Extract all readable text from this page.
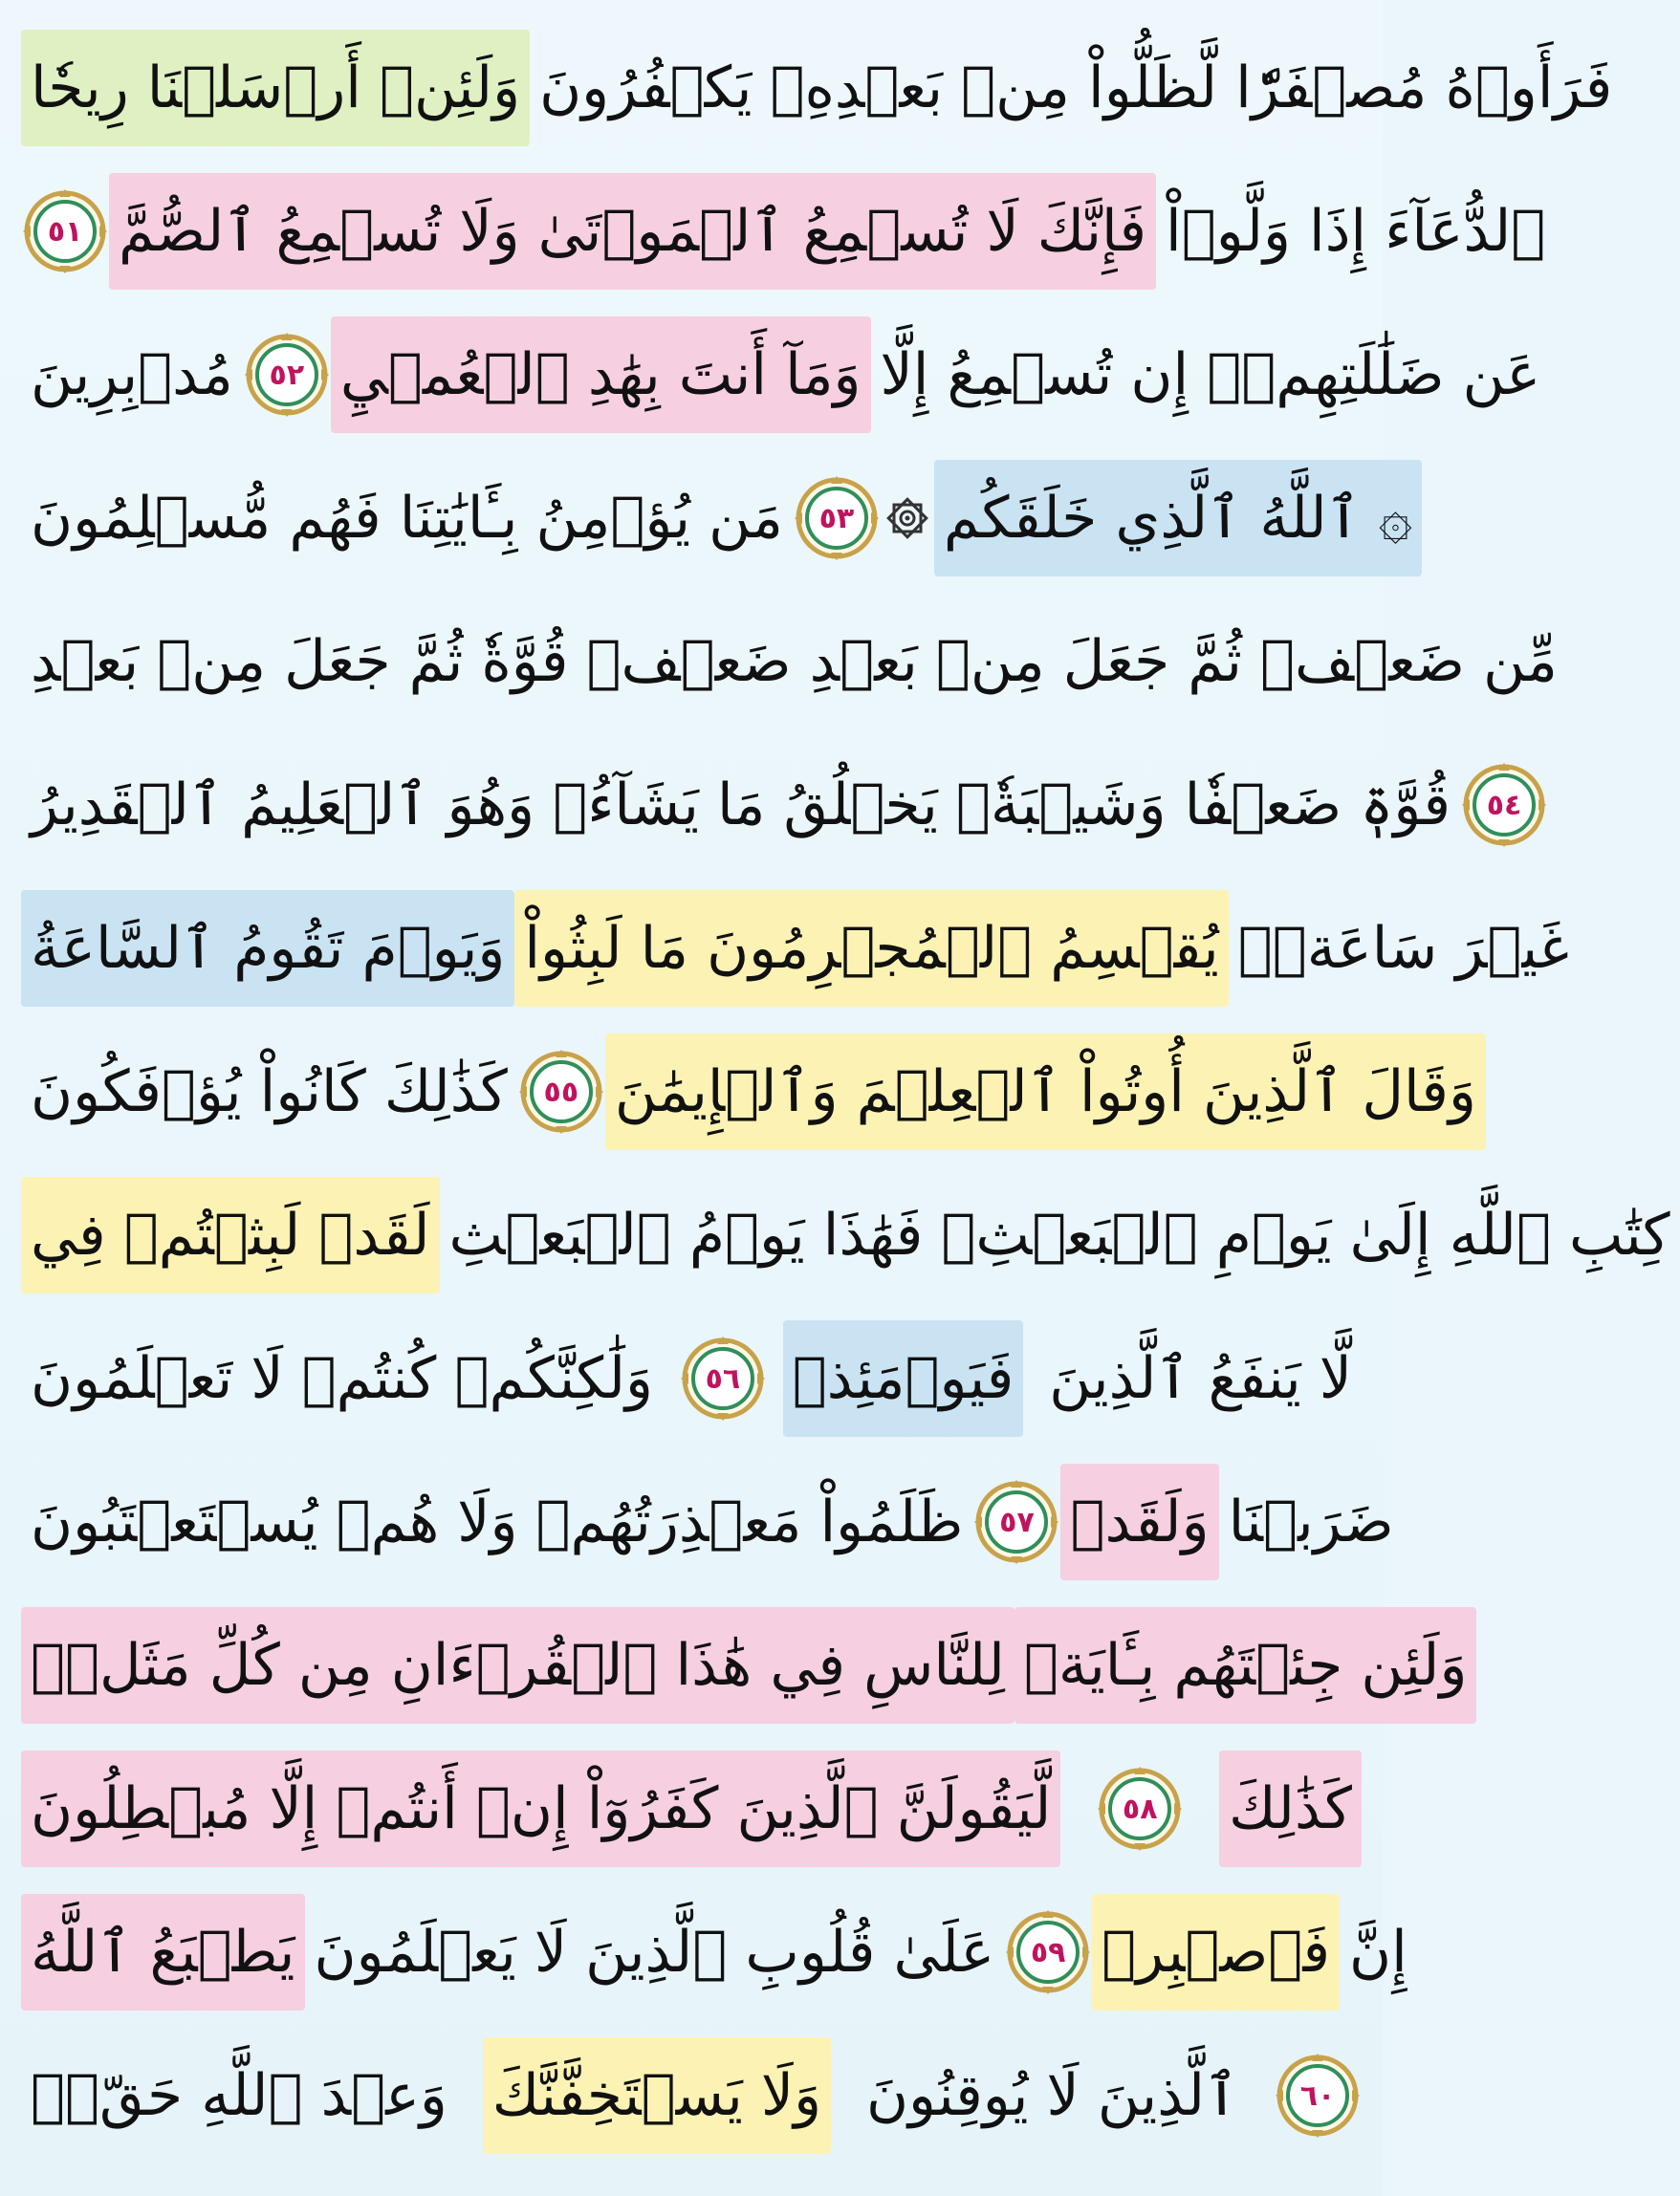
وَلَئِنۡ أَرۡسَلۡنَا رِيحٗا فَرَأَوۡهُ مُصۡفَرّٗا لَّظَلُّواْ مِنۢ بَعۡدِهِۦ يَكۡفُرُونَ
٥١ فَإِنَّكَ لَا تُسۡمِعُ ٱلۡمَوۡتَىٰ وَلَا تُسۡمِعُ ٱلصُّمَّ ٱلدُّعَآءَ إِذَا وَلَّوۡاْ
مُدۡبِرِينَ	٥٢ وَمَآ أَنتَ بِهَٰدِ ٱلۡعُمۡيِ عَن ضَلَٰلَتِهِمۡۖ إِن تُسۡمِعُ إِلَّا
مَن يُؤۡمِنُ بِـَٔايَٰتِنَا فَهُم مُّسۡلِمُونَ	٥٣ ۞ ٱللَّهُ ٱلَّذِي خَلَقَكُم
مِّن ضَعۡفٖ ثُمَّ جَعَلَ مِنۢ بَعۡدِ ضَعۡفٖ قُوَّةٗ ثُمَّ جَعَلَ مِنۢ بَعۡدِ
قُوَّةٖ ضَعۡفٗا وَشَيۡبَةٗۚ يَخۡلُقُ مَا يَشَآءُۚ وَهُوَ ٱلۡعَلِيمُ ٱلۡقَدِيرُ	٥٤
وَيَوۡمَ تَقُومُ ٱلسَّاعَةُ يُقۡسِمُ ٱلۡمُجۡرِمُونَ مَا لَبِثُواْ غَيۡرَ سَاعَةٖۚ
كَذَٰلِكَ كَانُواْ يُؤۡفَكُونَ	٥٥ وَقَالَ ٱلَّذِينَ أُوتُواْ ٱلۡعِلۡمَ وَٱلۡإِيمَٰنَ
لَقَدۡ لَبِثۡتُمۡ فِي كِتَٰبِ ٱللَّهِ إِلَىٰ يَوۡمِ ٱلۡبَعۡثِۖ فَهَٰذَا يَوۡمُ ٱلۡبَعۡثِ
وَلَٰكِنَّكُمۡ كُنتُمۡ لَا تَعۡلَمُونَ	٥٦ فَيَوۡمَئِذٖ لَّا يَنفَعُ ٱلَّذِينَ
ظَلَمُواْ مَعۡذِرَتُهُمۡ وَلَا هُمۡ يُسۡتَعۡتَبُونَ	٥٧ وَلَقَدۡ ضَرَبۡنَا
لِلنَّاسِ فِي هَٰذَا ٱلۡقُرۡءَانِ مِن كُلِّ مَثَلٖۚ وَلَئِن جِئۡتَهُم بِـَٔايَةٖ
لَّيَقُولَنَّ ٱلَّذِينَ كَفَرُوٓاْ إِنۡ أَنتُمۡ إِلَّا مُبۡطِلُونَ	٥٨ كَذَٰلِكَ
يَطۡبَعُ ٱللَّهُ عَلَىٰ قُلُوبِ ٱلَّذِينَ لَا يَعۡلَمُونَ	٥٩ فَٱصۡبِرۡ إِنَّ
وَعۡدَ ٱللَّهِ حَقّٞۖ وَلَا يَسۡتَخِفَّنَّكَ ٱلَّذِينَ لَا يُوقِنُونَ	٦٠
